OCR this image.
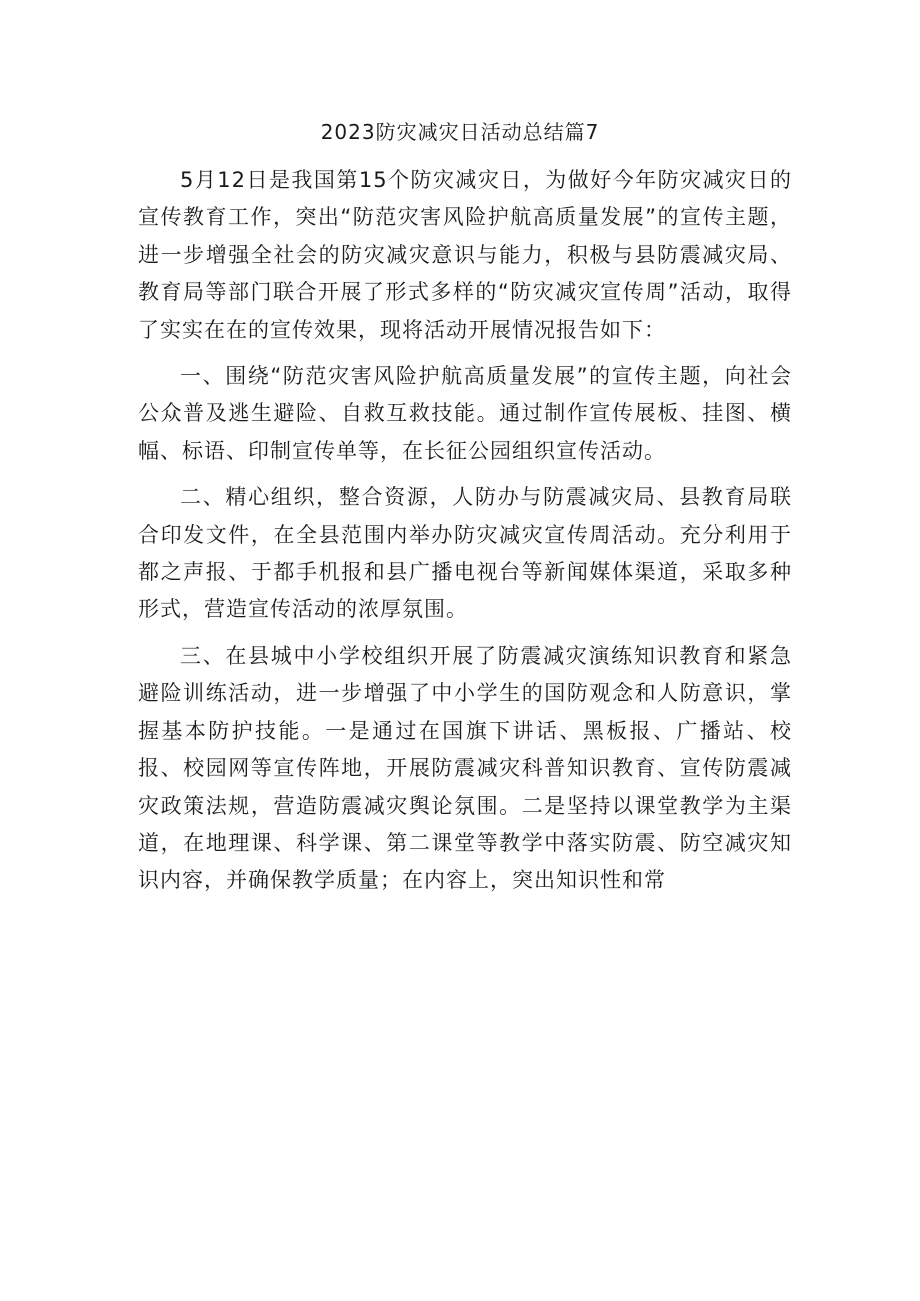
2023防灾减灾日活动总结篇7

5月12日是我国第15个防灾减灾日，为做好今年防灾减灾日的宣传教育工作，突出“防范灾害风险护航高质量发展”的宣传主题，进一步增强全社会的防灾减灾意识与能力，积极与县防震减灾局、教育局等部门联合开展了形式多样的“防灾减灾宣传周”活动，取得了实实在在的宣传效果，现将活动开展情况报告如下：

一、围绕“防范灾害风险护航高质量发展”的宣传主题，向社会公众普及逃生避险、自救互救技能。通过制作宣传展板、挂图、横幅、标语、印制宣传单等，在长征公园组织宣传活动。

二、精心组织，整合资源，人防办与防震减灾局、县教育局联合印发文件，在全县范围内举办防灾减灾宣传周活动。充分利用于都之声报、于都手机报和县广播电视台等新闻媒体渠道，采取多种形式，营造宣传活动的浓厚氛围。

三、在县城中小学校组织开展了防震减灾演练知识教育和紧急避险训练活动，进一步增强了中小学生的国防观念和人防意识，掌握基本防护技能。一是通过在国旗下讲话、黑板报、广播站、校报、校园网等宣传阵地，开展防震减灾科普知识教育、宣传防震减灾政策法规，营造防震减灾舆论氛围。二是坚持以课堂教学为主渠道，在地理课、科学课、第二课堂等教学中落实防震、防空减灾知识内容，并确保教学质量；在内容上，突出知识性和常
